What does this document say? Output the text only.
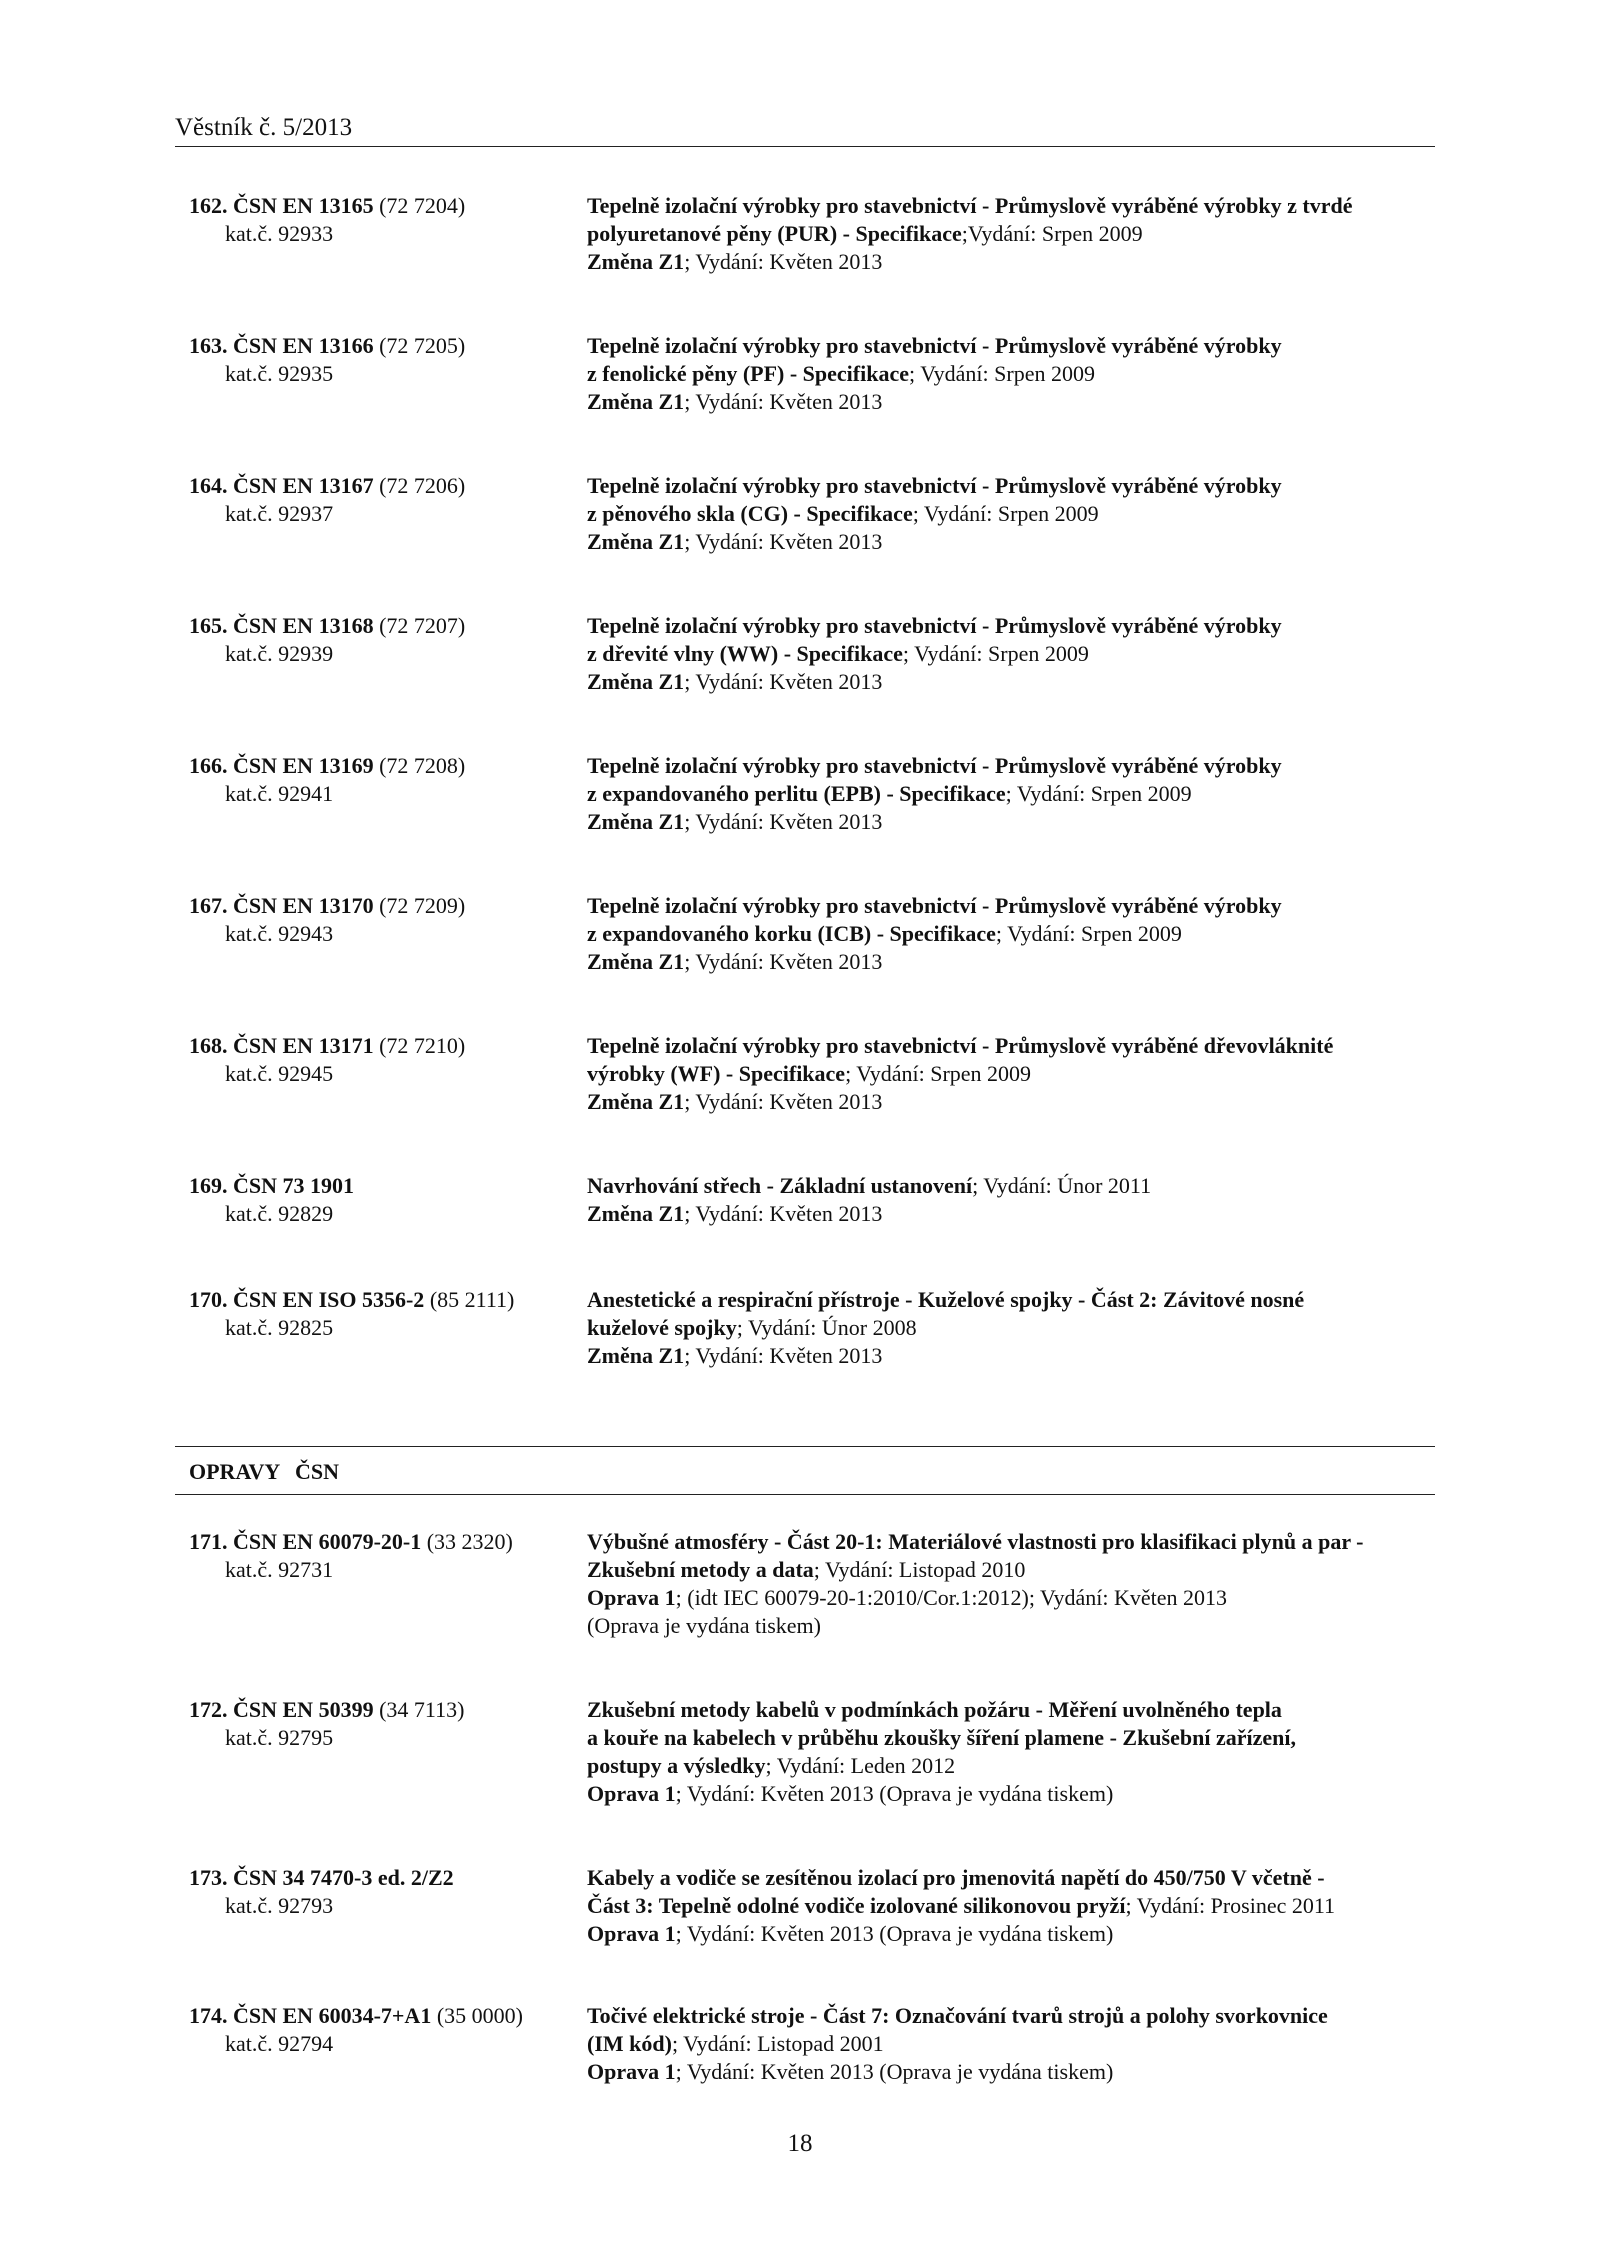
Věstník č. 5/2013
162. ČSN EN 13165 (72 7204)
kat.č. 92933
Tepelně izolační výrobky pro stavebnictví - Průmyslově vyráběné výrobky z tvrdé
polyuretanové pěny (PUR) - Specifikace;Vydání: Srpen 2009
Změna Z1; Vydání: Květen 2013
163. ČSN EN 13166 (72 7205)
kat.č. 92935
Tepelně izolační výrobky pro stavebnictví - Průmyslově vyráběné výrobky
z fenolické pěny (PF) - Specifikace; Vydání: Srpen 2009
Změna Z1; Vydání: Květen 2013
164. ČSN EN 13167 (72 7206)
kat.č. 92937
Tepelně izolační výrobky pro stavebnictví - Průmyslově vyráběné výrobky
z pěnového skla (CG) - Specifikace; Vydání: Srpen 2009
Změna Z1; Vydání: Květen 2013
165. ČSN EN 13168 (72 7207)
kat.č. 92939
Tepelně izolační výrobky pro stavebnictví - Průmyslově vyráběné výrobky
z dřevité vlny (WW) - Specifikace; Vydání: Srpen 2009
Změna Z1; Vydání: Květen 2013
166. ČSN EN 13169 (72 7208)
kat.č. 92941
Tepelně izolační výrobky pro stavebnictví - Průmyslově vyráběné výrobky
z expandovaného perlitu (EPB) - Specifikace; Vydání: Srpen 2009
Změna Z1; Vydání: Květen 2013
167. ČSN EN 13170 (72 7209)
kat.č. 92943
Tepelně izolační výrobky pro stavebnictví - Průmyslově vyráběné výrobky
z expandovaného korku (ICB) - Specifikace; Vydání: Srpen 2009
Změna Z1; Vydání: Květen 2013
168. ČSN EN 13171 (72 7210)
kat.č. 92945
Tepelně izolační výrobky pro stavebnictví - Průmyslově vyráběné dřevovláknité
výrobky (WF) - Specifikace; Vydání: Srpen 2009
Změna Z1; Vydání: Květen 2013
169. ČSN 73 1901
kat.č. 92829
Navrhování střech - Základní ustanovení; Vydání: Únor 2011
Změna Z1; Vydání: Květen 2013
170. ČSN EN ISO 5356-2 (85 2111)
kat.č. 92825
Anestetické a respirační přístroje - Kuželové spojky - Část 2: Závitové nosné
kuželové spojky; Vydání: Únor 2008
Změna Z1; Vydání: Květen 2013
OPRAVY ČSN
171. ČSN EN 60079-20-1 (33 2320)
kat.č. 92731
Výbušné atmosféry - Část 20-1: Materiálové vlastnosti pro klasifikaci plynů a par -
Zkušební metody a data; Vydání: Listopad 2010
Oprava 1; (idt IEC 60079-20-1:2010/Cor.1:2012); Vydání: Květen 2013
(Oprava je vydána tiskem)
172. ČSN EN 50399 (34 7113)
kat.č. 92795
Zkušební metody kabelů v podmínkách požáru - Měření uvolněného tepla
a kouře na kabelech v průběhu zkoušky šíření plamene - Zkušební zařízení,
postupy a výsledky; Vydání: Leden 2012
Oprava 1; Vydání: Květen 2013 (Oprava je vydána tiskem)
173. ČSN 34 7470-3 ed. 2/Z2
kat.č. 92793
Kabely a vodiče se zesítěnou izolací pro jmenovitá napětí do 450/750 V včetně -
Část 3: Tepelně odolné vodiče izolované silikonovou pryží; Vydání: Prosinec 2011
Oprava 1; Vydání: Květen 2013 (Oprava je vydána tiskem)
174. ČSN EN 60034-7+A1 (35 0000)
kat.č. 92794
Točivé elektrické stroje - Část 7: Označování tvarů strojů a polohy svorkovnice
(IM kód); Vydání: Listopad 2001
Oprava 1; Vydání: Květen 2013 (Oprava je vydána tiskem)
18
